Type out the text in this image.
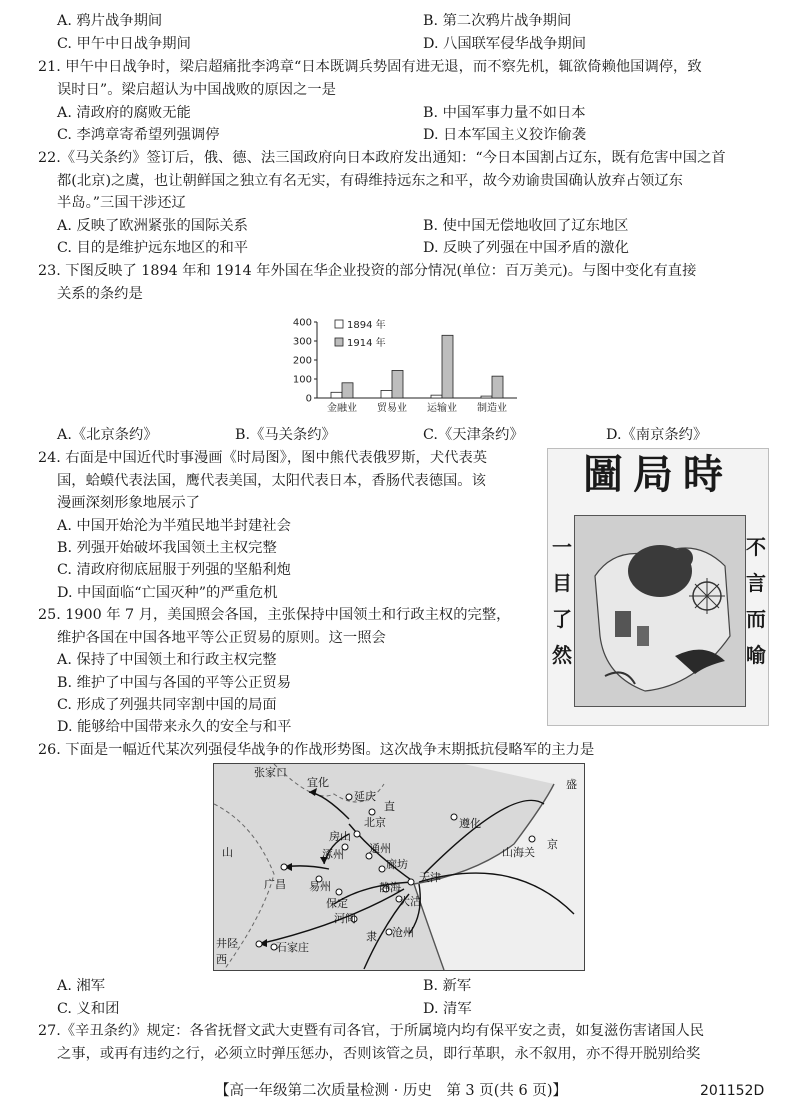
A. 鸦片战争期间	B. 第二次鸦片战争期间
C. 甲午中日战争期间	D. 八国联军侵华战争期间
21. 甲午中日战争时，梁启超痛批李鸿章“日本既调兵势固有进无退，而不察先机，辄欲倚赖他国调停，致
误时日”。梁启超认为中国战败的原因之一是
A. 清政府的腐败无能	B. 中国军事力量不如日本
C. 李鸿章寄希望列强调停	D. 日本军国主义狡诈偷袭
22.《马关条约》签订后，俄、德、法三国政府向日本政府发出通知：“今日本国割占辽东，既有危害中国之首
都(北京)之虞，也让朝鲜国之独立有名无实，有碍维持远东之和平，故今劝谕贵国确认放弃占领辽东
半岛。”三国干涉还辽
A. 反映了欧洲紧张的国际关系	B. 使中国无偿地收回了辽东地区
C. 目的是维护远东地区的和平	D. 反映了列强在中国矛盾的激化
23. 下图反映了 1894 年和 1914 年外国在华企业投资的部分情况(单位：百万美元)。与图中变化有直接
关系的条约是
0
100
200
300
400
金融业 贸易业 运输业 制造业
1894 年
1914 年
A.《北京条约》	B.《马关条约》	C.《天津条约》	D.《南京条约》
24. 右面是中国近代时事漫画《时局图》，图中熊代表俄罗斯，犬代表英
国，蛤蟆代表法国，鹰代表美国，太阳代表日本，香肠代表德国。该
漫画深刻形象地展示了
A. 中国开始沦为半殖民地半封建社会
B. 列强开始破坏我国领土主权完整
C. 清政府彻底屈服于列强的坚船利炮
D. 中国面临“亡国灭种”的严重危机
圖局時
一
目
了
然
不
言
而
喻
25. 1900 年 7 月，美国照会各国，主张保持中国领土和行政主权的完整，
维护各国在中国各地平等公正贸易的原则。这一照会
A. 保持了中国领土和行政主权完整
B. 维护了中国与各国的平等公正贸易
C. 形成了列强共同宰割中国的局面
D. 能够给中国带来永久的安全与和平
26. 下面是一幅近代某次列强侵华战争的作战形势图。这次战争末期抵抗侵略军的主力是
张家口
宜化
延庆
直
北京	遵化
山海关
盛
京
山
房山
涿州 通州
廊坊
天津
广昌 易州
保定
静海
大沽
河间
隶 沧州
石家庄
井陉
西
A. 湘军	B. 新军
C. 义和团	D. 清军
27.《辛丑条约》规定：各省抚督文武大吏暨有司各官，于所属境内均有保平安之责，如复滋伤害诸国人民
之事，或再有违约之行，必须立时弹压惩办，否则该管之员，即行革职，永不叙用，亦不得开脱别给奖
【高一年级第二次质量检测 · 历史　第 3 页(共 6 页)】	201152D
